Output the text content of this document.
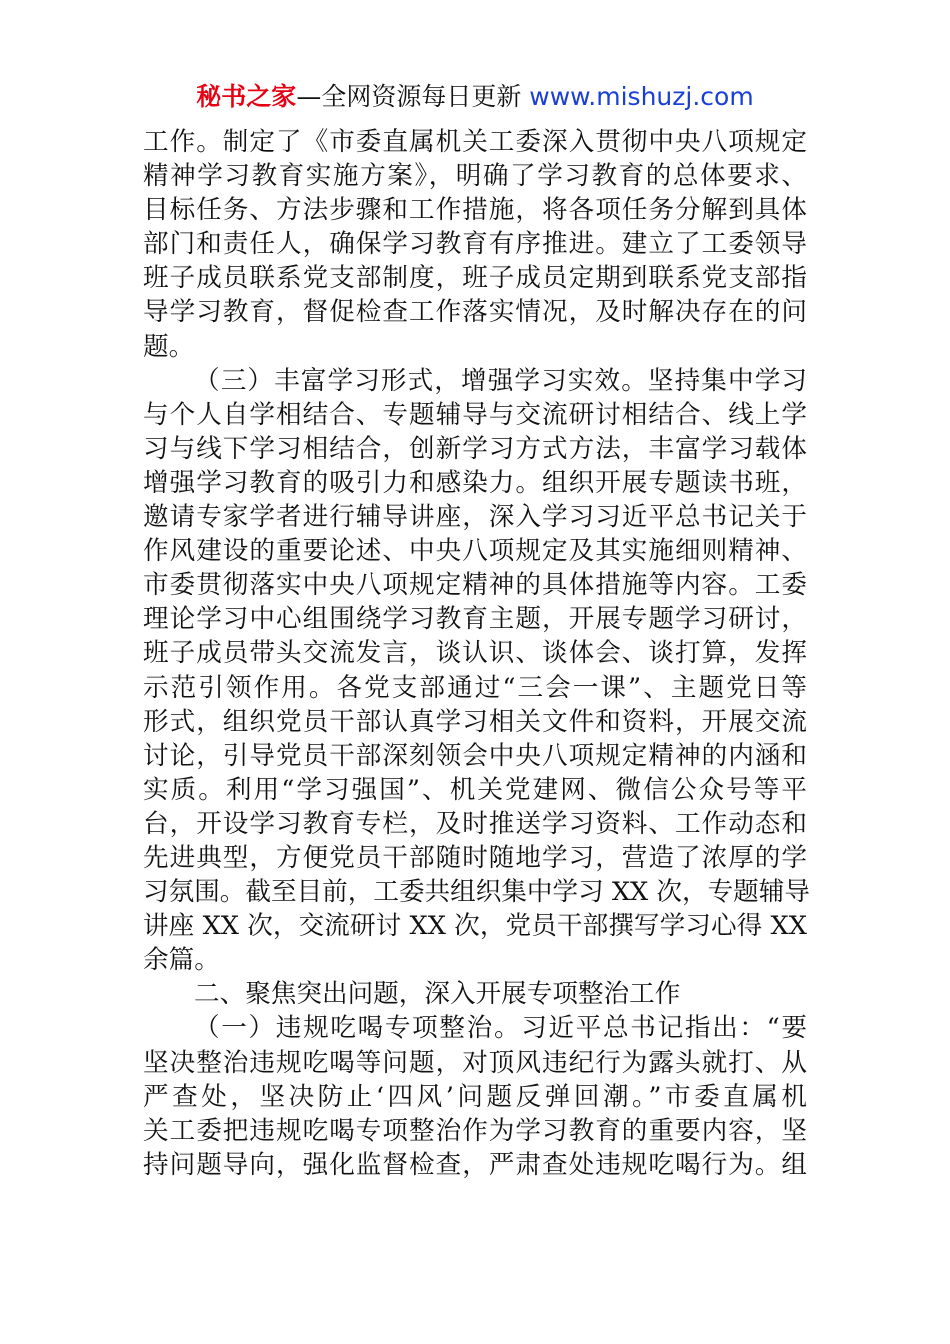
秘书之家—全网资源每日更新 www.mishuzj.com
工作。制定了《市委直属机关工委深入贯彻中央八项规定
精神学习教育实施方案》，明确了学习教育的总体要求、
目标任务、方法步骤和工作措施，将各项任务分解到具体
部门和责任人，确保学习教育有序推进。建立了工委领导
班子成员联系党支部制度，班子成员定期到联系党支部指
导学习教育，督促检查工作落实情况，及时解决存在的问
题。
（三）丰富学习形式，增强学习实效。坚持集中学习
与个人自学相结合、专题辅导与交流研讨相结合、线上学
习与线下学习相结合，创新学习方式方法，丰富学习载体
增强学习教育的吸引力和感染力。组织开展专题读书班，
邀请专家学者进行辅导讲座，深入学习习近平总书记关于
作风建设的重要论述、中央八项规定及其实施细则精神、
市委贯彻落实中央八项规定精神的具体措施等内容。工委
理论学习中心组围绕学习教育主题，开展专题学习研讨，
班子成员带头交流发言，谈认识、谈体会、谈打算，发挥
示范引领作用。各党支部通过“三会一课”、主题党日等
形式，组织党员干部认真学习相关文件和资料，开展交流
讨论，引导党员干部深刻领会中央八项规定精神的内涵和
实质。利用“学习强国”、机关党建网、微信公众号等平
台，开设学习教育专栏，及时推送学习资料、工作动态和
先进典型，方便党员干部随时随地学习，营造了浓厚的学
习氛围。截至目前，工委共组织集中学习 XX 次，专题辅导
讲座 XX 次，交流研讨 XX 次，党员干部撰写学习心得 XX
余篇。
二、聚焦突出问题，深入开展专项整治工作
（一）违规吃喝专项整治。习近平总书记指出：“要
坚决整治违规吃喝等问题，对顶风违纪行为露头就打、从
严查处，坚决防止‘四风’问题反弹回潮。”市委直属机
关工委把违规吃喝专项整治作为学习教育的重要内容，坚
持问题导向，强化监督检查，严肃查处违规吃喝行为。组
